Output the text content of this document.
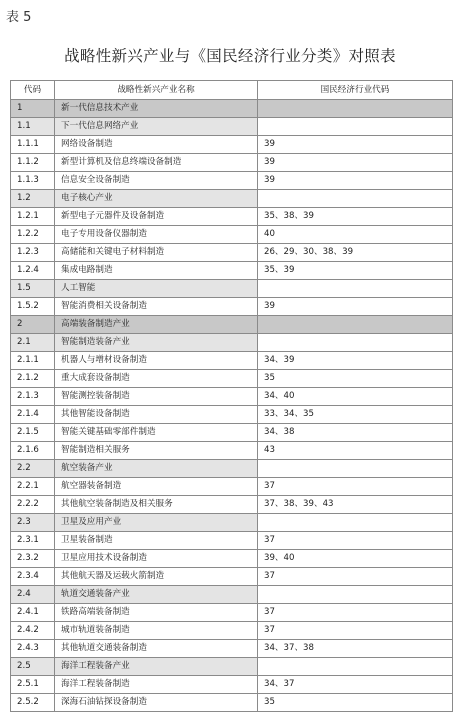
表 5
战略性新兴产业与《国民经济行业分类》对照表
代码	战略性新兴产业名称	国民经济行业代码
1	新一代信息技术产业	
1.1	下一代信息网络产业	
1.1.1	网络设备制造	39
1.1.2	新型计算机及信息终端设备制造	39
1.1.3	信息安全设备制造	39
1.2	电子核心产业	
1.2.1	新型电子元器件及设备制造	35、38、39
1.2.2	电子专用设备仪器制造	40
1.2.3	高储能和关键电子材料制造	26、29、30、38、39
1.2.4	集成电路制造	35、39
1.5	人工智能	
1.5.2	智能消费相关设备制造	39
2	高端装备制造产业	
2.1	智能制造装备产业	
2.1.1	机器人与增材设备制造	34、39
2.1.2	重大成套设备制造	35
2.1.3	智能测控装备制造	34、40
2.1.4	其他智能设备制造	33、34、35
2.1.5	智能关键基础零部件制造	34、38
2.1.6	智能制造相关服务	43
2.2	航空装备产业	
2.2.1	航空器装备制造	37
2.2.2	其他航空装备制造及相关服务	37、38、39、43
2.3	卫星及应用产业	
2.3.1	卫星装备制造	37
2.3.2	卫星应用技术设备制造	39、40
2.3.4	其他航天器及运载火箭制造	37
2.4	轨道交通装备产业	
2.4.1	铁路高端装备制造	37
2.4.2	城市轨道装备制造	37
2.4.3	其他轨道交通装备制造	34、37、38
2.5	海洋工程装备产业	
2.5.1	海洋工程装备制造	34、37
2.5.2	深海石油钻探设备制造	35
